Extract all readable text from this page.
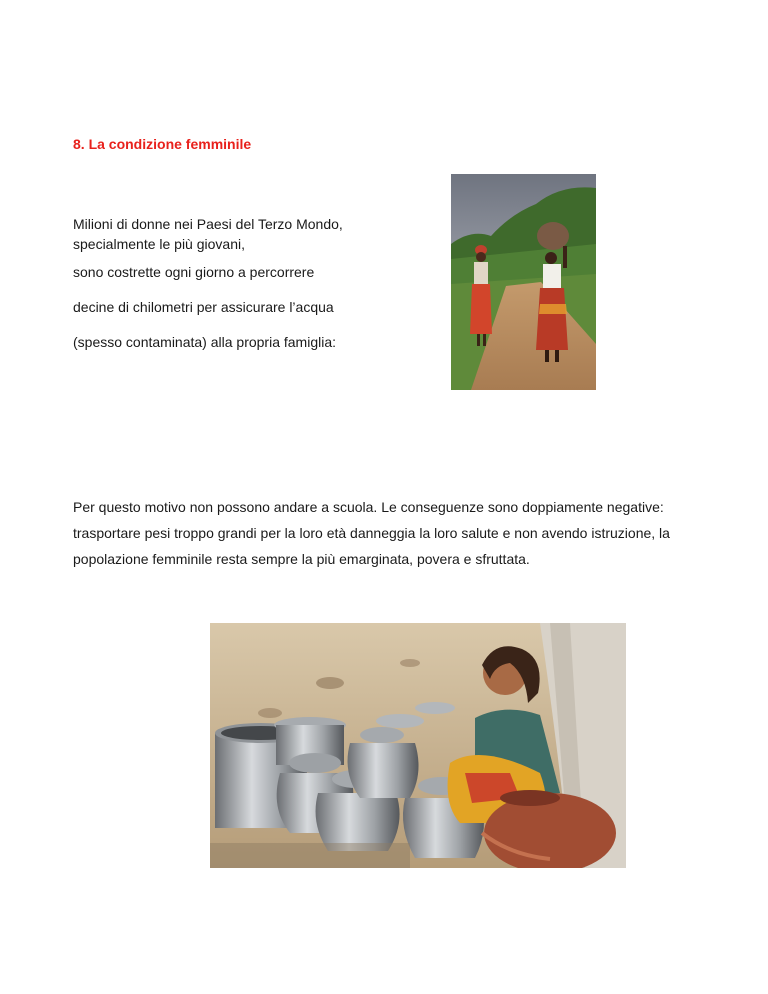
8. La condizione femminile

Milioni di donne nei Paesi del Terzo Mondo,

specialmente le più giovani,

sono costrette ogni giorno a percorrere

decine di chilometri per assicurare l’acqua

(spesso contaminata) alla propria famiglia:

Per questo motivo non possono andare a scuola. Le conseguenze sono doppiamente negative: trasportare pesi troppo grandi per la loro età danneggia la loro salute e non avendo istruzione, la popolazione femminile resta sempre la più emarginata, povera e sfruttata.
